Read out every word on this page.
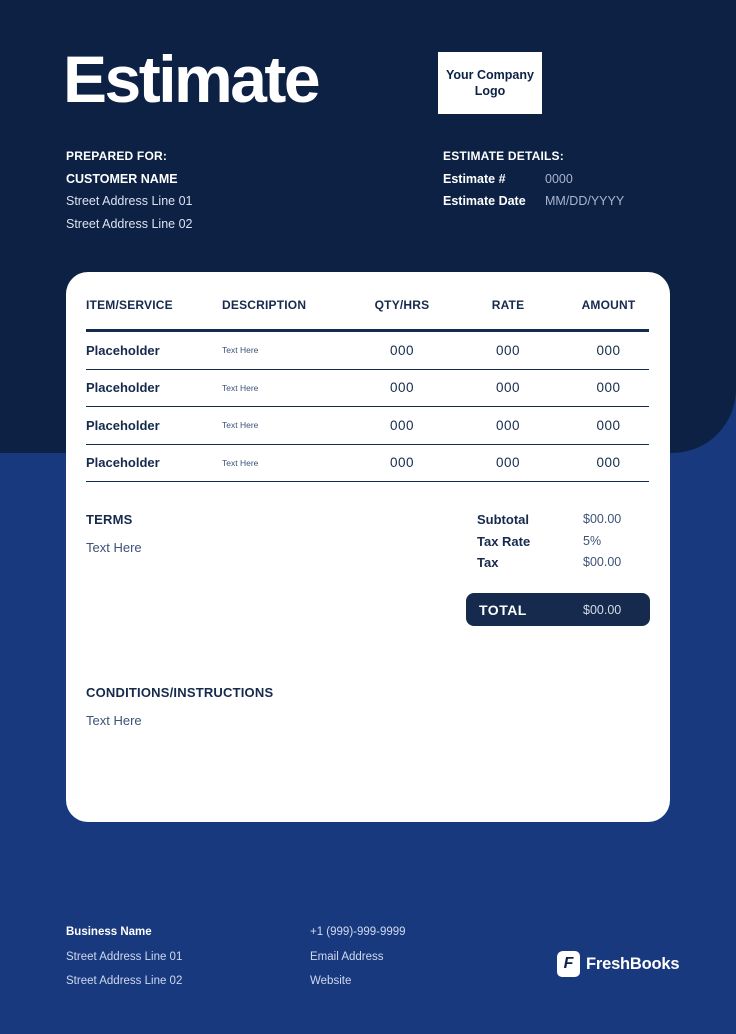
Estimate	Your Company Logo
PREPARED FOR:
CUSTOMER NAME
Street Address Line 01
Street Address Line 02
ESTIMATE DETAILS:
Estimate #	0000
Estimate Date	MM/DD/YYYY
ITEM/SERVICE	DESCRIPTION	QTY/HRS	RATE	AMOUNT
Placeholder	Text Here	000	000	000
Placeholder	Text Here	000	000	000
Placeholder	Text Here	000	000	000
Placeholder	Text Here	000	000	000
TERMS
Text Here
Subtotal	$00.00
Tax Rate	5%
Tax	$00.00
TOTAL	$00.00
CONDITIONS/INSTRUCTIONS
Text Here
Business Name
Street Address Line 01
Street Address Line 02
+1 (999)-999-9999
Email Address
Website
F FreshBooks
